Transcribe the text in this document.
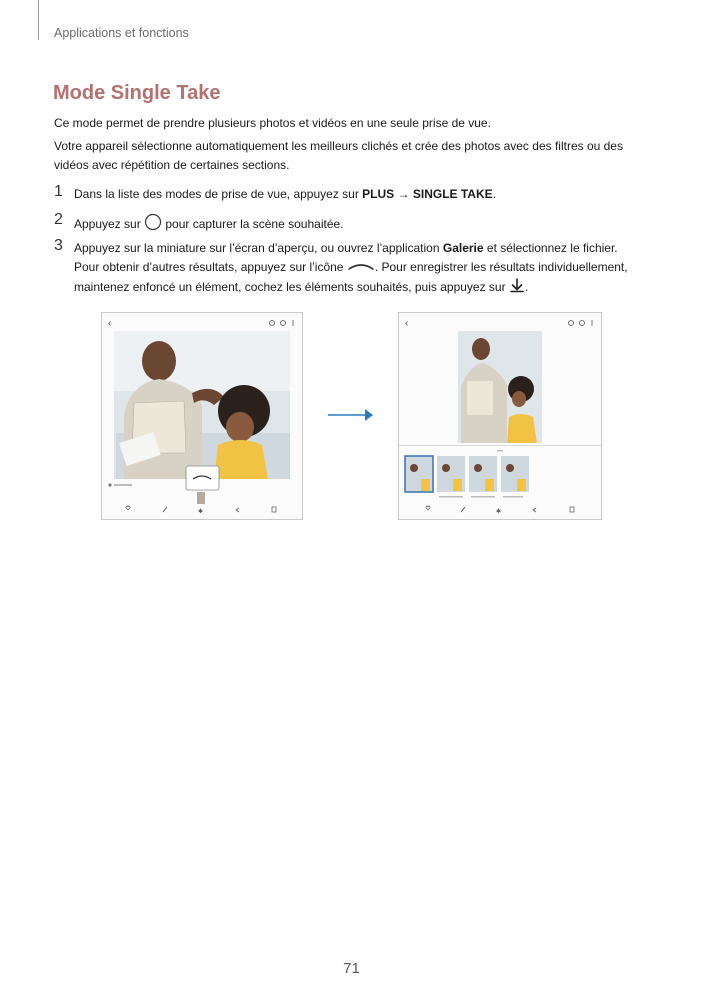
Applications et fonctions
Mode Single Take
Ce mode permet de prendre plusieurs photos et vidéos en une seule prise de vue.
Votre appareil sélectionne automatiquement les meilleurs clichés et crée des photos avec des filtres ou des
vidéos avec répétition de certaines sections.
1 Dans la liste des modes de prise de vue, appuyez sur PLUS → SINGLE TAKE.
2 Appuyez sur  pour capturer la scène souhaitée.
3 Appuyez sur la miniature sur l’écran d’aperçu, ou ouvrez l’application Galerie et sélectionnez le fichier.
Pour obtenir d’autres résultats, appuyez sur l’icône . Pour enregistrer les résultats individuellement,
maintenez enfoncé un élément, cochez les éléments souhaités, puis appuyez sur .
‹
✱
‹
✱
71
